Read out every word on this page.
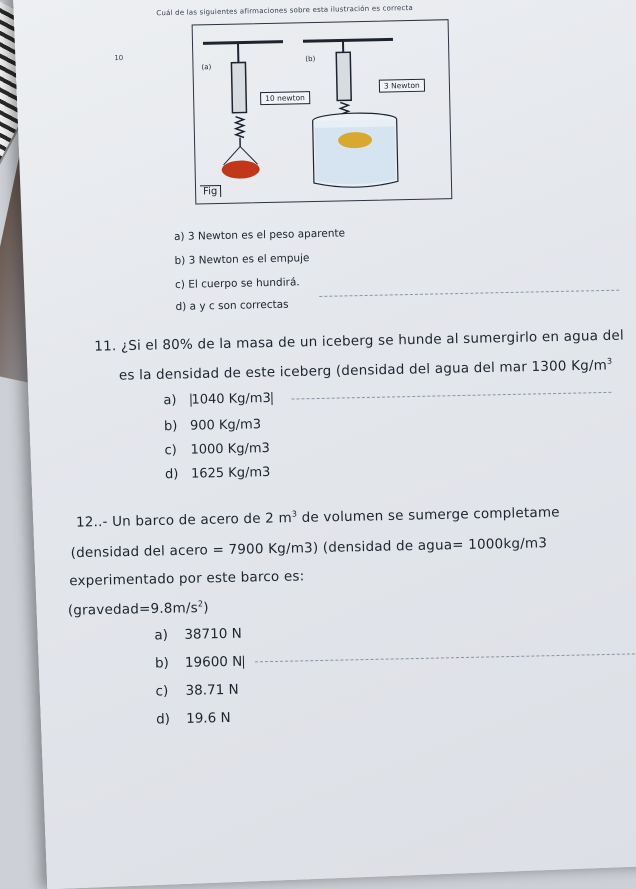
10
Cuál de las siguientes afirmaciones sobre esta ilustración es correcta
(a)
(b)
10 newton
3 Newton
Fig
a) 3 Newton es el peso aparente
b) 3 Newton es el empuje
c) El cuerpo se hundirá.
d) a y c son correctas
11. ¿Si el 80% de la masa de un iceberg se hunde al sumergirlo en agua del
es la densidad de este iceberg (densidad del agua del mar 1300 $Kg/m^3$
a) 1040 Kg/m3
b) 900 Kg/m3
c) 1000 Kg/m3
d) 1625 Kg/m3
12..- Un barco de acero de 2 $m^3$ de volumen se sumerge completame
(densidad del acero = 7900 Kg/m3) (densidad de agua= 1000kg/m3
experimentado por este barco es:
$(gravedad=9.8m/s^2)$
a) 38710 N
b) 19600 N
c) 38.71 N
d) 19.6 N
